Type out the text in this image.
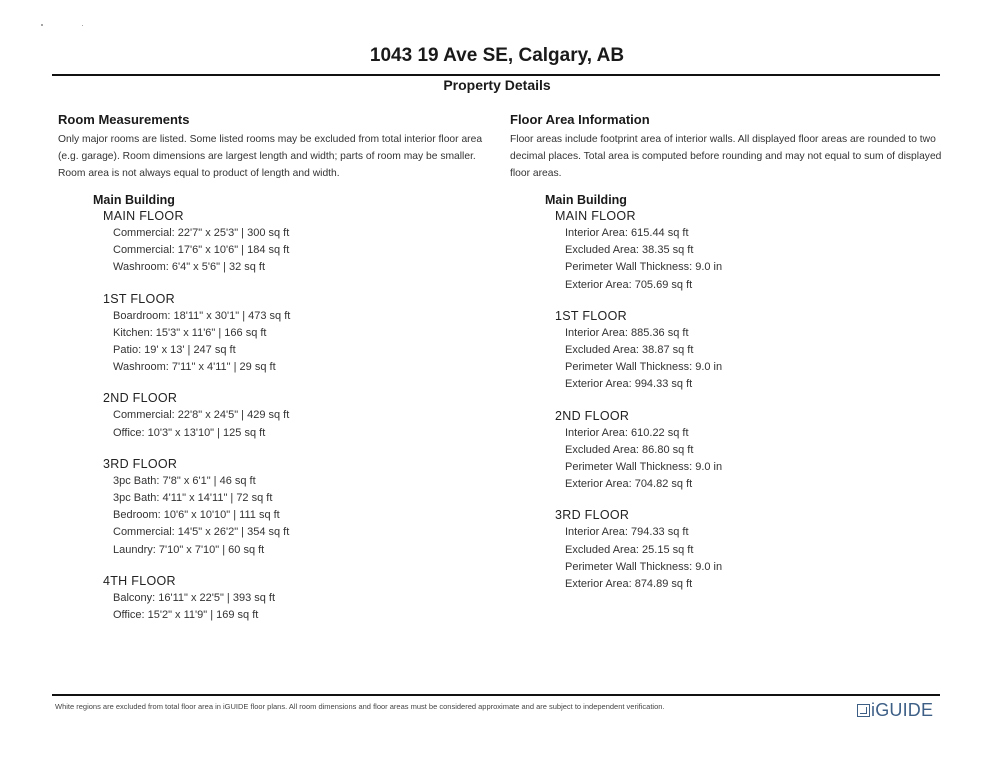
1043 19 Ave SE, Calgary, AB
Property Details

Room Measurements

Only major rooms are listed. Some listed rooms may be excluded from total interior floor area (e.g. garage). Room dimensions are largest length and width; parts of room may be smaller. Room area is not always equal to product of length and width.

Main Building
MAIN FLOOR
Commercial: 22'7" x 25'3" | 300 sq ft
Commercial: 17'6" x 10'6" | 184 sq ft
Washroom: 6'4" x 5'6" | 32 sq ft
1ST FLOOR
Boardroom: 18'11" x 30'1" | 473 sq ft
Kitchen: 15'3" x 11'6" | 166 sq ft
Patio: 19' x 13' | 247 sq ft
Washroom: 7'11" x 4'11" | 29 sq ft
2ND FLOOR
Commercial: 22'8" x 24'5" | 429 sq ft
Office: 10'3" x 13'10" | 125 sq ft
3RD FLOOR
3pc Bath: 7'8" x 6'1" | 46 sq ft
3pc Bath: 4'11" x 14'11" | 72 sq ft
Bedroom: 10'6" x 10'10" | 111 sq ft
Commercial: 14'5" x 26'2" | 354 sq ft
Laundry: 7'10" x 7'10" | 60 sq ft
4TH FLOOR
Balcony: 16'11" x 22'5" | 393 sq ft
Office: 15'2" x 11'9" | 169 sq ft

Floor Area Information

Floor areas include footprint area of interior walls. All displayed floor areas are rounded to two decimal places. Total area is computed before rounding and may not equal to sum of displayed floor areas.

Main Building
MAIN FLOOR
Interior Area: 615.44 sq ft
Excluded Area: 38.35 sq ft
Perimeter Wall Thickness: 9.0 in
Exterior Area: 705.69 sq ft
1ST FLOOR
Interior Area: 885.36 sq ft
Excluded Area: 38.87 sq ft
Perimeter Wall Thickness: 9.0 in
Exterior Area: 994.33 sq ft
2ND FLOOR
Interior Area: 610.22 sq ft
Excluded Area: 86.80 sq ft
Perimeter Wall Thickness: 9.0 in
Exterior Area: 704.82 sq ft
3RD FLOOR
Interior Area: 794.33 sq ft
Excluded Area: 25.15 sq ft
Perimeter Wall Thickness: 9.0 in
Exterior Area: 874.89 sq ft
White regions are excluded from total floor area in iGUIDE floor plans. All room dimensions and floor areas must be considered approximate and are subject to independent verification.	iGUIDE
